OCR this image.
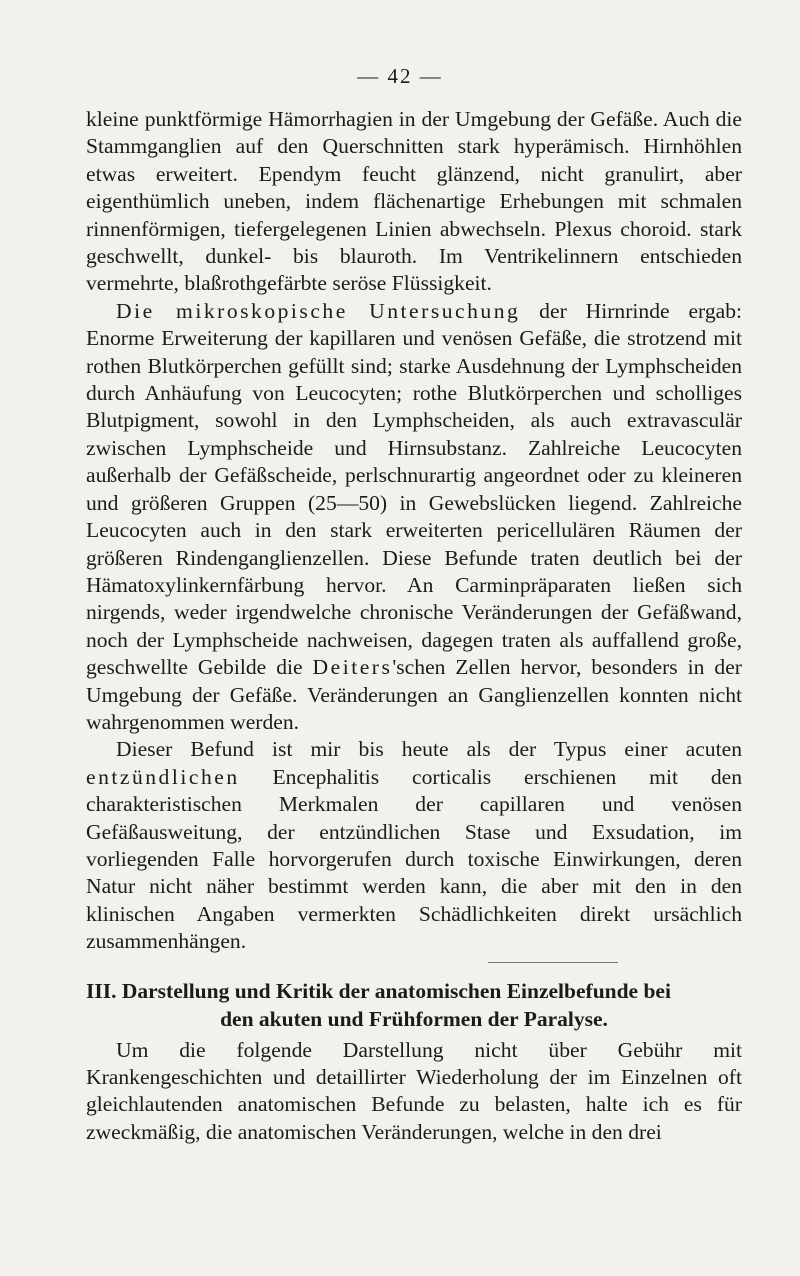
— 42 —

kleine punktförmige Hämorrhagien in der Umgebung der Gefäße. Auch die Stammganglien auf den Querschnitten stark hyperämisch. Hirnhöhlen etwas erweitert. Ependym feucht glänzend, nicht granulirt, aber eigenthümlich uneben, indem flächenartige Erhebungen mit schmalen rinnenförmigen, tiefergelegenen Linien abwechseln. Plexus choroid. stark geschwellt, dunkel- bis blauroth. Im Ventrikelinnern entschieden vermehrte, blaßrothgefärbte seröse Flüssigkeit.

Die mikroskopische Untersuchung der Hirnrinde ergab: Enorme Erweiterung der kapillaren und venösen Gefäße, die strotzend mit rothen Blutkörperchen gefüllt sind; starke Ausdehnung der Lymphscheiden durch Anhäufung von Leucocyten; rothe Blutkörperchen und scholliges Blutpigment, sowohl in den Lymphscheiden, als auch extravasculär zwischen Lymphscheide und Hirnsubstanz. Zahlreiche Leucocyten außerhalb der Gefäßscheide, perlschnurartig angeordnet oder zu kleineren und größeren Gruppen (25—50) in Gewebslücken liegend. Zahlreiche Leucocyten auch in den stark erweiterten pericellulären Räumen der größeren Rindenganglienzellen. Diese Befunde traten deutlich bei der Hämatoxylinkernfärbung hervor. An Carminpräparaten ließen sich nirgends, weder irgendwelche chronische Veränderungen der Gefäßwand, noch der Lymphscheide nachweisen, dagegen traten als auffallend große, geschwellte Gebilde die Deiters'schen Zellen hervor, besonders in der Umgebung der Gefäße. Veränderungen an Ganglienzellen konnten nicht wahrgenommen werden.

Dieser Befund ist mir bis heute als der Typus einer acuten entzündlichen Encephalitis corticalis erschienen mit den charakteristischen Merkmalen der capillaren und venösen Gefäßausweitung, der entzündlichen Stase und Exsudation, im vorliegenden Falle horvorgerufen durch toxische Einwirkungen, deren Natur nicht näher bestimmt werden kann, die aber mit den in den klinischen Angaben vermerkten Schädlichkeiten direkt ursächlich zusammenhängen.

III. Darstellung und Kritik der anatomischen Einzelbefunde bei
den akuten und Frühformen der Paralyse.

Um die folgende Darstellung nicht über Gebühr mit Krankengeschichten und detaillirter Wiederholung der im Einzelnen oft gleichlautenden anatomischen Befunde zu belasten, halte ich es für zweckmäßig, die anatomischen Veränderungen, welche in den drei
